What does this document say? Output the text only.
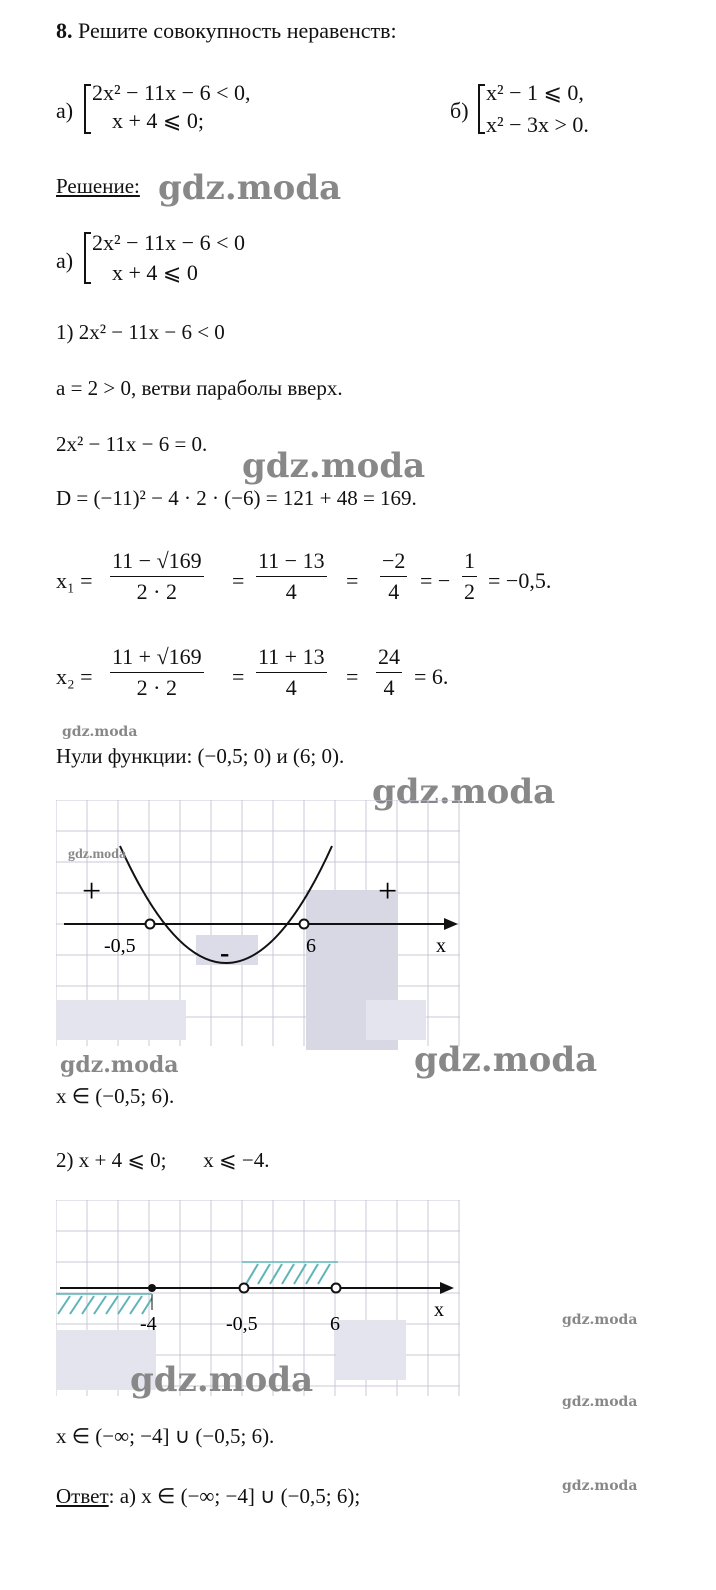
8. Решите совокупность неравенств:
а)
2x² − 11x − 6 < 0,
x + 4 ⩽ 0;	б)
x² − 1 ⩽ 0,
x² − 3x > 0.
Решение: gdz.moda
а)
2x² − 11x − 6 < 0
x + 4 ⩽ 0
1) 2x² − 11x − 6 < 0
a = 2 > 0, ветви параболы вверх.
2x² − 11x − 6 = 0.
gdz.moda
D = (−11)² − 4 · 2 · (−6) = 121 + 48 = 169.
$x_1 = \frac{11 - √169}{2 \cdot 2} = \frac{11 - 13}{4} = \frac{-2}{4}$ = − $\frac{1}{2} = -0,5$.
$x_2 = \frac{11 + √169}{2 \cdot 2} = \frac{11 + 13}{4} = \frac{24}{4} = 6$.
gdz.moda
Нули функции: (−0,5; 0) и (6; 0).
gdz.moda
+	+
-
-0,5	6	x
gdz.moda
gdz.moda	gdz.moda
x ∈ (−0,5; 6).
2) x + 4 ⩽ 0;       x ⩽ −4.
-4	-0,5	6
x	gdz.moda
gdz.moda
gdz.moda
x ∈ (−∞; −4] ∪ (−0,5; 6).
Ответ: а) x ∈ (−∞; −4] ∪ (−0,5; 6);	gdz.moda
